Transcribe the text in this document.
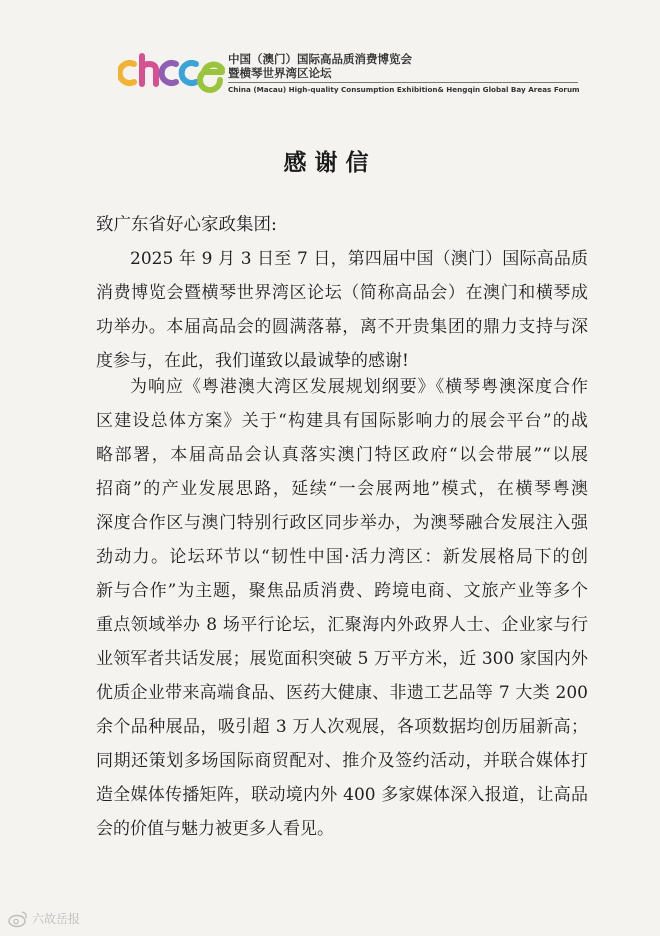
中国（澳门）国际高品质消费博览会
暨横琴世界湾区论坛
China (Macau) High-quality Consumption Exhibition& Hengqin Global Bay Areas Forum
感谢信
致广东省好心家政集团:
2025 年 9 月 3 日至 7 日，第四届中国（澳门）国际高品质
消费博览会暨横琴世界湾区论坛（简称高品会）在澳门和横琴成
功举办。本届高品会的圆满落幕，离不开贵集团的鼎力支持与深
度参与，在此，我们谨致以最诚挚的感谢!
为响应《粤港澳大湾区发展规划纲要》《横琴粤澳深度合作
区建设总体方案》关于“构建具有国际影响力的展会平台”的战
略部署，本届高品会认真落实澳门特区政府“以会带展”“以展
招商”的产业发展思路，延续“一会展两地”模式，在横琴粤澳
深度合作区与澳门特别行政区同步举办，为澳琴融合发展注入强
劲动力。论坛环节以“韧性中国·活力湾区：新发展格局下的创
新与合作”为主题，聚焦品质消费、跨境电商、文旅产业等多个
重点领域举办 8 场平行论坛，汇聚海内外政界人士、企业家与行
业领军者共话发展；展览面积突破 5 万平方米，近 300 家国内外
优质企业带来高端食品、医药大健康、非遗工艺品等 7 大类 200
余个品种展品，吸引超 3 万人次观展，各项数据均创历届新高；
同期还策划多场国际商贸配对、推介及签约活动，并联合媒体打
造全媒体传播矩阵，联动境内外 400 多家媒体深入报道，让高品
会的价值与魅力被更多人看见。
六故岳报
